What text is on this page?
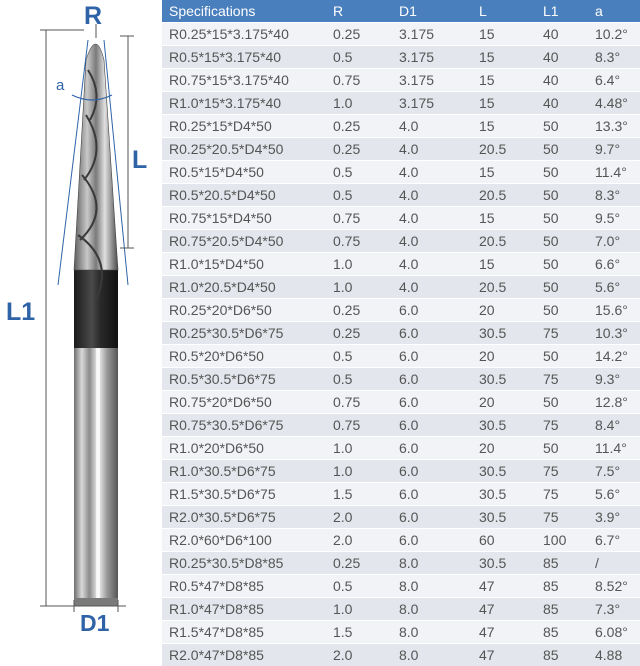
R
a
L
L1
D1
Specifications	R	D1	L	L1	a
R0.25*15*3.175*40	0.25	3.175	15	40	10.2°
R0.5*15*3.175*40	0.5	3.175	15	40	8.3°
R0.75*15*3.175*40	0.75	3.175	15	40	6.4°
R1.0*15*3.175*40	1.0	3.175	15	40	4.48°
R0.25*15*D4*50	0.25	4.0	15	50	13.3°
R0.25*20.5*D4*50	0.25	4.0	20.5	50	9.7°
R0.5*15*D4*50	0.5	4.0	15	50	11.4°
R0.5*20.5*D4*50	0.5	4.0	20.5	50	8.3°
R0.75*15*D4*50	0.75	4.0	15	50	9.5°
R0.75*20.5*D4*50	0.75	4.0	20.5	50	7.0°
R1.0*15*D4*50	1.0	4.0	15	50	6.6°
R1.0*20.5*D4*50	1.0	4.0	20.5	50	5.6°
R0.25*20*D6*50	0.25	6.0	20	50	15.6°
R0.25*30.5*D6*75	0.25	6.0	30.5	75	10.3°
R0.5*20*D6*50	0.5	6.0	20	50	14.2°
R0.5*30.5*D6*75	0.5	6.0	30.5	75	9.3°
R0.75*20*D6*50	0.75	6.0	20	50	12.8°
R0.75*30.5*D6*75	0.75	6.0	30.5	75	8.4°
R1.0*20*D6*50	1.0	6.0	20	50	11.4°
R1.0*30.5*D6*75	1.0	6.0	30.5	75	7.5°
R1.5*30.5*D6*75	1.5	6.0	30.5	75	5.6°
R2.0*30.5*D6*75	2.0	6.0	30.5	75	3.9°
R2.0*60*D6*100	2.0	6.0	60	100	6.7°
R0.25*30.5*D8*85	0.25	8.0	30.5	85	/
R0.5*47*D8*85	0.5	8.0	47	85	8.52°
R1.0*47*D8*85	1.0	8.0	47	85	7.3°
R1.5*47*D8*85	1.5	8.0	47	85	6.08°
R2.0*47*D8*85	2.0	8.0	47	85	4.88
